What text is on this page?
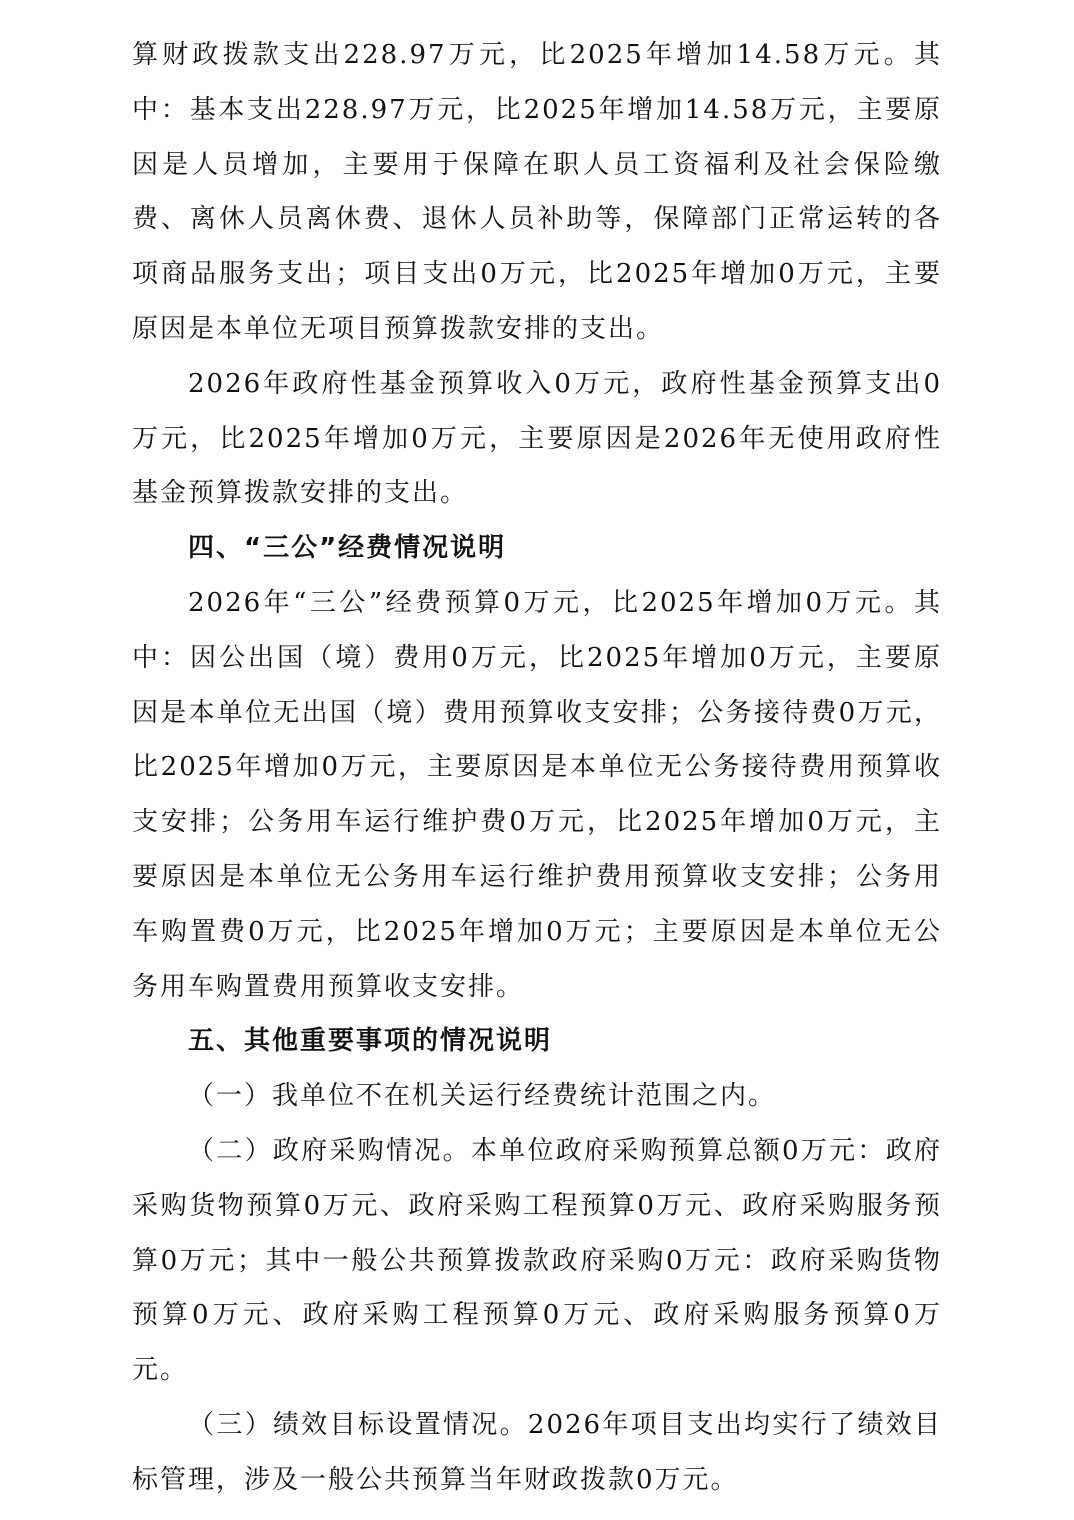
算财政拨款支出228.97万元，比2025年增加14.58万元。其中：基本支出228.97万元，比2025年增加14.58万元，主要原因是人员增加，主要用于保障在职人员工资福利及社会保险缴费、离休人员离休费、退休人员补助等，保障部门正常运转的各项商品服务支出；项目支出0万元，比2025年增加0万元，主要原因是本单位无项目预算拨款安排的支出。

2026年政府性基金预算收入0万元，政府性基金预算支出0万元，比2025年增加0万元，主要原因是2026年无使用政府性基金预算拨款安排的支出。

四、“三公”经费情况说明

2026年“三公”经费预算0万元，比2025年增加0万元。其中：因公出国（境）费用0万元，比2025年增加0万元，主要原因是本单位无出国（境）费用预算收支安排；公务接待费0万元，比2025年增加0万元，主要原因是本单位无公务接待费用预算收支安排；公务用车运行维护费0万元，比2025年增加0万元，主要原因是本单位无公务用车运行维护费用预算收支安排；公务用车购置费0万元，比2025年增加0万元；主要原因是本单位无公务用车购置费用预算收支安排。

五、其他重要事项的情况说明

（一）我单位不在机关运行经费统计范围之内。

（二）政府采购情况。本单位政府采购预算总额0万元：政府采购货物预算0万元、政府采购工程预算0万元、政府采购服务预算0万元；其中一般公共预算拨款政府采购0万元：政府采购货物预算0万元、政府采购工程预算0万元、政府采购服务预算0万元。

（三）绩效目标设置情况。2026年项目支出均实行了绩效目标管理，涉及一般公共预算当年财政拨款0万元。
